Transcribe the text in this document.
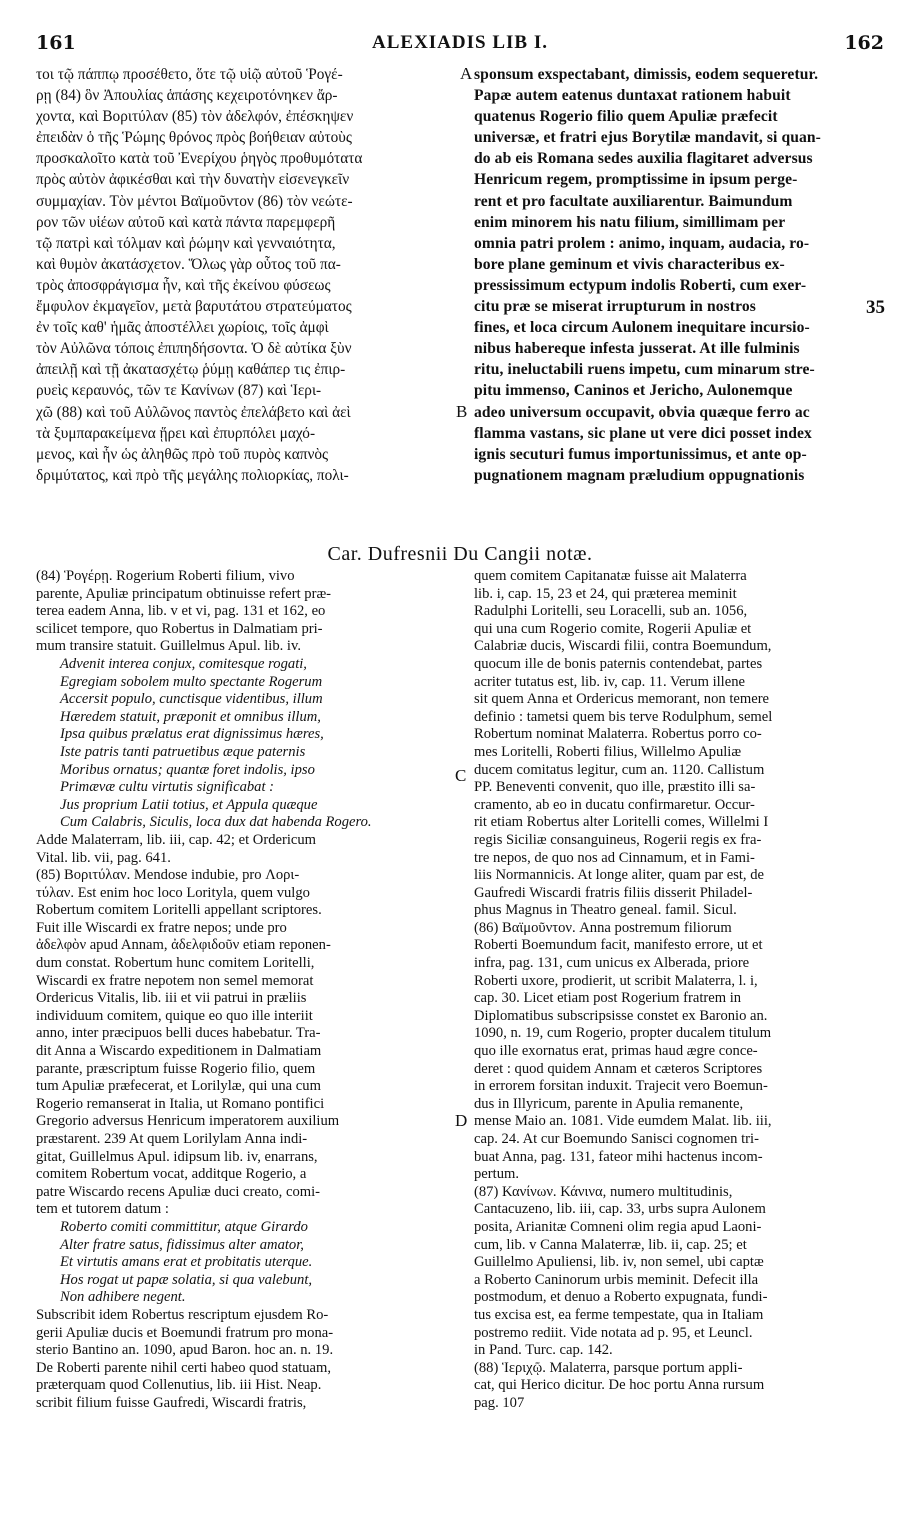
161	ALEXIADIS LIB I.	162
τοι τῷ πάππῳ προσέθετο, ὅτε τῷ υἱῷ αὐτοῦ Ῥογέ-
ρῃ (84) ὃν Ἀπουλίας ἁπάσης κεχειροτόνηκεν ἄρ-
χοντα, καὶ Βοριτύλαν (85) τὸν ἀδελφόν, ἐπέσκηψεν
ἐπειδὰν ὁ τῆς Ῥώμης θρόνος πρὸς βοήθειαν αὐτοὺς
προσκαλοῖτο κατὰ τοῦ Ἐνερίχου ῥηγὸς προθυμότατα
πρὸς αὐτὸν ἀφικέσθαι καὶ τὴν δυνατὴν εἰσενεγκεῖν
συμμαχίαν. Τὸν μέντοι Βαϊμοῦντον (86) τὸν νεώτε-
ρον τῶν υἱέων αὐτοῦ καὶ κατὰ πάντα παρεμφερῆ
τῷ πατρὶ καὶ τόλμαν καὶ ῥώμην καὶ γενναιότητα,
καὶ θυμὸν ἀκατάσχετον. Ὅλως γὰρ οὗτος τοῦ πα-
τρὸς ἀποσφράγισμα ἦν, καὶ τῆς ἐκείνου φύσεως
ἔμφυλον ἐκμαγεῖον, μετὰ βαρυτάτου στρατεύματος
ἐν τοῖς καθ' ἡμᾶς ἀποστέλλει χωρίοις, τοῖς ἀμφὶ
τὸν Αὐλῶνα τόποις ἐπιπηδήσοντα. Ὁ δὲ αὐτίκα ξὺν
ἀπειλῇ καὶ τῇ ἀκατασχέτῳ ῥύμῃ καθάπερ τις ἐπιρ-
ρυεὶς κεραυνός, τῶν τε Κανίνων (87) καὶ Ἱερι-
χῶ (88) καὶ τοῦ Αὐλῶνος παντὸς ἐπελάβετο καὶ ἀεὶ
τὰ ξυμπαρακείμενα ᾕρει καὶ ἐπυρπόλει μαχό-
μενος, καὶ ἦν ὡς ἀληθῶς πρὸ τοῦ πυρὸς καπνὸς
δριμύτατος, καὶ πρὸ τῆς μεγάλης πολιορκίας, πολι-
sponsum exspectabant, dimissis, eodem sequeretur.
Papæ autem eatenus duntaxat rationem habuit
quatenus Rogerio filio quem Apuliæ præfecit
universæ, et fratri ejus Borytilæ mandavit, si quan-
do ab eis Romana sedes auxilia flagitaret adversus
Henricum regem, promptissime in ipsum perge-
rent et pro facultate auxiliarentur. Baimundum
enim minorem his natu filium, simillimam per
omnia patri prolem : animo, inquam, audacia, ro-
bore plane geminum et vivis characteribus ex-
pressissimum ectypum indolis Roberti, cum exer-
citu præ se miserat irrupturum in nostros
fines, et loca circum Aulonem inequitare incursio-
nibus habereque infesta jusserat. At ille fulminis
ritu, ineluctabili ruens impetu, cum minarum stre-
pitu immenso, Caninos et Jericho, Aulonemque
adeo universum occupavit, obvia quæque ferro ac
flamma vastans, sic plane ut vere dici posset index
ignis secuturi fumus importunissimus, et ante op-
pugnationem magnam præludium oppugnationis
A
B
35
Car. Dufresnii Du Cangii notæ.
(84) Ῥογέρῃ. Rogerium Roberti filium, vivo
parente, Apuliæ principatum obtinuisse refert præ-
terea eadem Anna, lib. v et vi, pag. 131 et 162, eo
scilicet tempore, quo Robertus in Dalmatiam pri-
mum transire statuit. Guillelmus Apul. lib. iv.
Advenit interea conjux, comitesque rogati,
Egregiam sobolem multo spectante Rogerum
Accersit populo, cunctisque videntibus, illum
Hæredem statuit, præponit et omnibus illum,
Ipsa quibus prælatus erat dignissimus hæres,
Iste patris tanti patruetibus æque paternis
Moribus ornatus; quantæ foret indolis, ipso
Primævæ cultu virtutis significabat :
Jus proprium Latii totius, et Appula quæque
Cum Calabris, Siculis, loca dux dat habenda Rogero.
Adde Malaterram, lib. iii, cap. 42; et Ordericum
Vital. lib. vii, pag. 641.
(85) Βοριτύλαν. Mendose indubie, pro Λορι-
τύλαν. Est enim hoc loco Lorityla, quem vulgo
Robertum comitem Loritelli appellant scriptores.
Fuit ille Wiscardi ex fratre nepos; unde pro
ἀδελφὸν apud Annam, ἀδελφιδοῦν etiam reponen-
dum constat. Robertum hunc comitem Loritelli,
Wiscardi ex fratre nepotem non semel memorat
Ordericus Vitalis, lib. iii et vii patrui in præliis
individuum comitem, quique eo quo ille interiit
anno, inter præcipuos belli duces habebatur. Tra-
dit Anna a Wiscardo expeditionem in Dalmatiam
parante, præscriptum fuisse Rogerio filio, quem
tum Apuliæ præfecerat, et Lorilylæ, qui una cum
Rogerio remanserat in Italia, ut Romano pontifici
Gregorio adversus Henricum imperatorem auxilium
præstarent. 239 At quem Lorilylam Anna indi-
gitat, Guillelmus Apul. idipsum lib. iv, enarrans,
comitem Robertum vocat, additque Rogerio, a
patre Wiscardo recens Apuliæ duci creato, comi-
tem et tutorem datum :
Roberto comiti committitur, atque Girardo
Alter fratre satus, fidissimus alter amator,
Et virtutis amans erat et probitatis uterque.
Hos rogat ut papæ solatia, si qua valebunt,
Non adhibere negent.
Subscribit idem Robertus rescriptum ejusdem Ro-
gerii Apuliæ ducis et Boemundi fratrum pro mona-
sterio Bantino an. 1090, apud Baron. hoc an. n. 19.
De Roberti parente nihil certi habeo quod statuam,
præterquam quod Collenutius, lib. iii Hist. Neap.
scribit filium fuisse Gaufredi, Wiscardi fratris,
quem comitem Capitanatæ fuisse ait Malaterra
lib. i, cap. 15, 23 et 24, qui præterea meminit
Radulphi Loritelli, seu Loracelli, sub an. 1056,
qui una cum Rogerio comite, Rogerii Apuliæ et
Calabriæ ducis, Wiscardi filii, contra Boemundum,
quocum ille de bonis paternis contendebat, partes
acriter tutatus est, lib. iv, cap. 11. Verum illene
sit quem Anna et Ordericus memorant, non temere
definio : tametsi quem bis terve Rodulphum, semel
Robertum nominat Malaterra. Robertus porro co-
mes Loritelli, Roberti filius, Willelmo Apuliæ
ducem comitatus legitur, cum an. 1120. Callistum
PP. Beneventi convenit, quo ille, præstito illi sa-
cramento, ab eo in ducatu confirmaretur. Occur-
rit etiam Robertus alter Loritelli comes, Willelmi I
regis Siciliæ consanguineus, Rogerii regis ex fra-
tre nepos, de quo nos ad Cinnamum, et in Fami-
liis Normannicis. At longe aliter, quam par est, de
Gaufredi Wiscardi fratris filiis disserit Philadel-
phus Magnus in Theatro geneal. famil. Sicul.
(86) Βαϊμοῦντον. Anna postremum filiorum
Roberti Boemundum facit, manifesto errore, ut et
infra, pag. 131, cum unicus ex Alberada, priore
Roberti uxore, prodierit, ut scribit Malaterra, l. i,
cap. 30. Licet etiam post Rogerium fratrem in
Diplomatibus subscripsisse constet ex Baronio an.
1090, n. 19, cum Rogerio, propter ducalem titulum
quo ille exornatus erat, primas haud ægre conce-
deret : quod quidem Annam et cæteros Scriptores
in errorem forsitan induxit. Trajecit vero Boemun-
dus in Illyricum, parente in Apulia remanente,
mense Maio an. 1081. Vide eumdem Malat. lib. iii,
cap. 24. At cur Boemundo Sanisci cognomen tri-
buat Anna, pag. 131, fateor mihi hactenus incom-
pertum.
(87) Κανίνων. Κάνινα, numero multitudinis,
Cantacuzeno, lib. iii, cap. 33, urbs supra Aulonem
posita, Arianitæ Comneni olim regia apud Laoni-
cum, lib. v Canna Malaterræ, lib. ii, cap. 25; et
Guillelmo Apuliensi, lib. iv, non semel, ubi captæ
a Roberto Caninorum urbis meminit. Defecit illa
postmodum, et denuo a Roberto expugnata, fundi-
tus excisa est, ea ferme tempestate, qua in Italiam
postremo rediit. Vide notata ad p. 95, et Leuncl.
in Pand. Turc. cap. 142.
(88) Ἱεριχῷ. Malaterra, parsque portum appli-
cat, qui Herico dicitur. De hoc portu Anna rursum
pag. 107
C
D
